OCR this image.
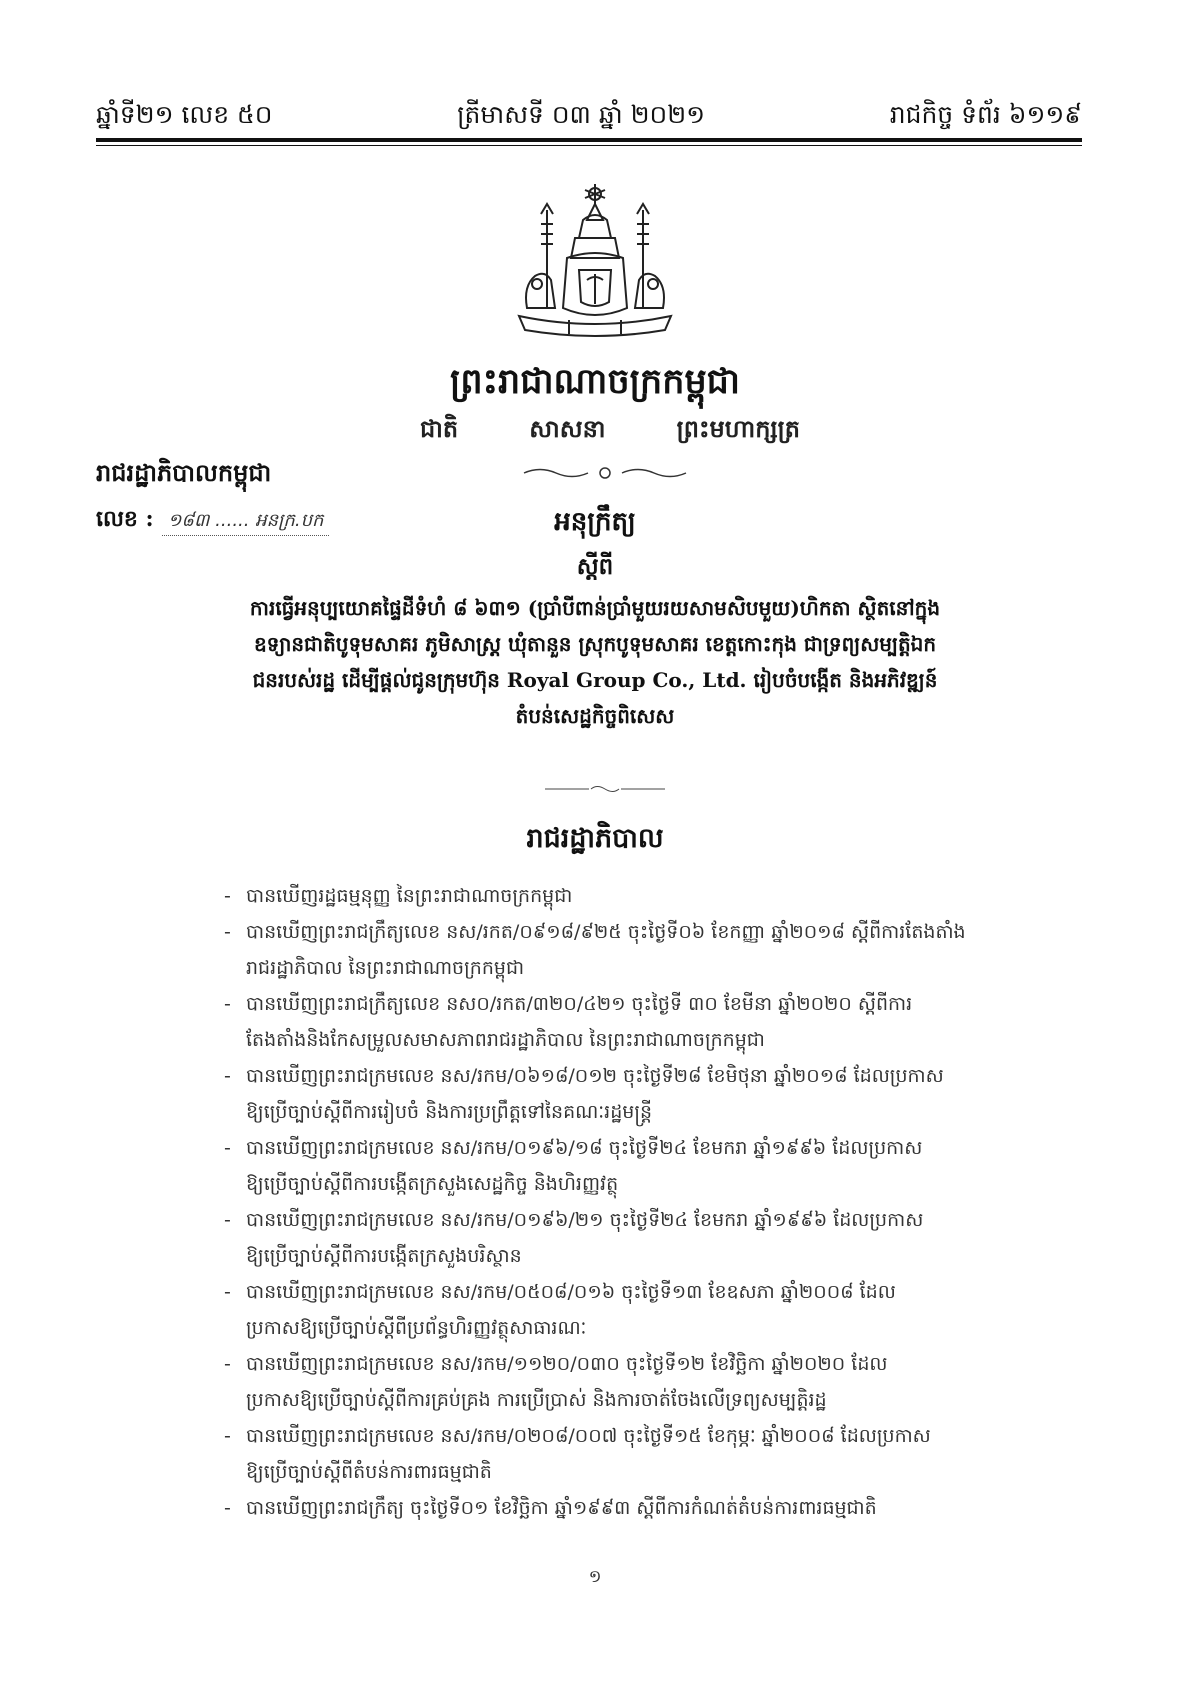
ឆ្នាំទី២១ លេខ ៥០	ត្រីមាសទី ០៣ ឆ្នាំ ២០២១	រាជកិច្ច ទំព័រ ៦១១៩
ព្រះរាជាណាចក្រកម្ពុជា
ជាតិ	សាសនា	ព្រះមហាក្សត្រ
រាជរដ្ឋាភិបាលកម្ពុជា
លេខ : ១៨៣ ...... អនក្រ.បក	អនុក្រឹត្យ
ស្តីពី
ការធ្វើអនុប្បយោគផ្ទៃដីទំហំ ៨ ៦៣១ (ប្រាំបីពាន់ប្រាំមួយរយសាមសិបមួយ)ហិកតា ស្ថិតនៅក្នុង
ឧទ្យានជាតិបូទុមសាគរ ភូមិសាស្ត្រ ឃុំតានួន ស្រុកបូទុមសាគរ ខេត្តកោះកុង ជាទ្រព្យសម្បត្តិឯក
ជនរបស់រដ្ឋ ដើម្បីផ្តល់ជូនក្រុមហ៊ុន Royal Group Co., Ltd. រៀបចំបង្កើត និងអភិវឌ្ឍន៍
តំបន់សេដ្ឋកិច្ចពិសេស
រាជរដ្ឋាភិបាល
- បានឃើញរដ្ឋធម្មនុញ្ញ នៃព្រះរាជាណាចក្រកម្ពុជា
- បានឃើញព្រះរាជក្រឹត្យលេខ នស/រកត/០៩១៨/៩២៥ ចុះថ្ងៃទី០៦ ខែកញ្ញា ឆ្នាំ២០១៨ ស្តីពីការតែងតាំង
រាជរដ្ឋាភិបាល នៃព្រះរាជាណាចក្រកម្ពុជា
- បានឃើញព្រះរាជក្រឹត្យលេខ នស០/រកត/៣២០/៤២១ ចុះថ្ងៃទី ៣០ ខែមីនា ឆ្នាំ២០២០ ស្តីពីការ
តែងតាំងនិងកែសម្រួលសមាសភាពរាជរដ្ឋាភិបាល នៃព្រះរាជាណាចក្រកម្ពុជា
- បានឃើញព្រះរាជក្រមលេខ នស/រកម/០៦១៨/០១២ ចុះថ្ងៃទី២៨ ខែមិថុនា ឆ្នាំ២០១៨ ដែលប្រកាស
ឱ្យប្រើច្បាប់ស្តីពីការរៀបចំ និងការប្រព្រឹត្តទៅនៃគណៈរដ្ឋមន្ត្រី
- បានឃើញព្រះរាជក្រមលេខ នស/រកម/០១៩៦/១៨ ចុះថ្ងៃទី២៤ ខែមករា ឆ្នាំ១៩៩៦ ដែលប្រកាស
ឱ្យប្រើច្បាប់ស្តីពីការបង្កើតក្រសួងសេដ្ឋកិច្ច និងហិរញ្ញវត្ថុ
- បានឃើញព្រះរាជក្រមលេខ នស/រកម/០១៩៦/២១ ចុះថ្ងៃទី២៤ ខែមករា ឆ្នាំ១៩៩៦ ដែលប្រកាស
ឱ្យប្រើច្បាប់ស្តីពីការបង្កើតក្រសួងបរិស្ថាន
- បានឃើញព្រះរាជក្រមលេខ នស/រកម/០៥០៨/០១៦ ចុះថ្ងៃទី១៣ ខែឧសភា ឆ្នាំ២០០៨ ដែល
ប្រកាសឱ្យប្រើច្បាប់ស្តីពីប្រព័ន្ធហិរញ្ញវត្ថុសាធារណៈ
- បានឃើញព្រះរាជក្រមលេខ នស/រកម/១១២០/០៣០ ចុះថ្ងៃទី១២ ខែវិច្ឆិកា ឆ្នាំ២០២០ ដែល
ប្រកាសឱ្យប្រើច្បាប់ស្តីពីការគ្រប់គ្រង ការប្រើប្រាស់ និងការចាត់ចែងលើទ្រព្យសម្បត្តិរដ្ឋ
- បានឃើញព្រះរាជក្រមលេខ នស/រកម/០២០៨/០០៧ ចុះថ្ងៃទី១៥ ខែកុម្ភៈ ឆ្នាំ២០០៨ ដែលប្រកាស
ឱ្យប្រើច្បាប់ស្តីពីតំបន់ការពារធម្មជាតិ
- បានឃើញព្រះរាជក្រឹត្យ ចុះថ្ងៃទី០១ ខែវិច្ឆិកា ឆ្នាំ១៩៩៣ ស្តីពីការកំណត់តំបន់ការពារធម្មជាតិ
១
